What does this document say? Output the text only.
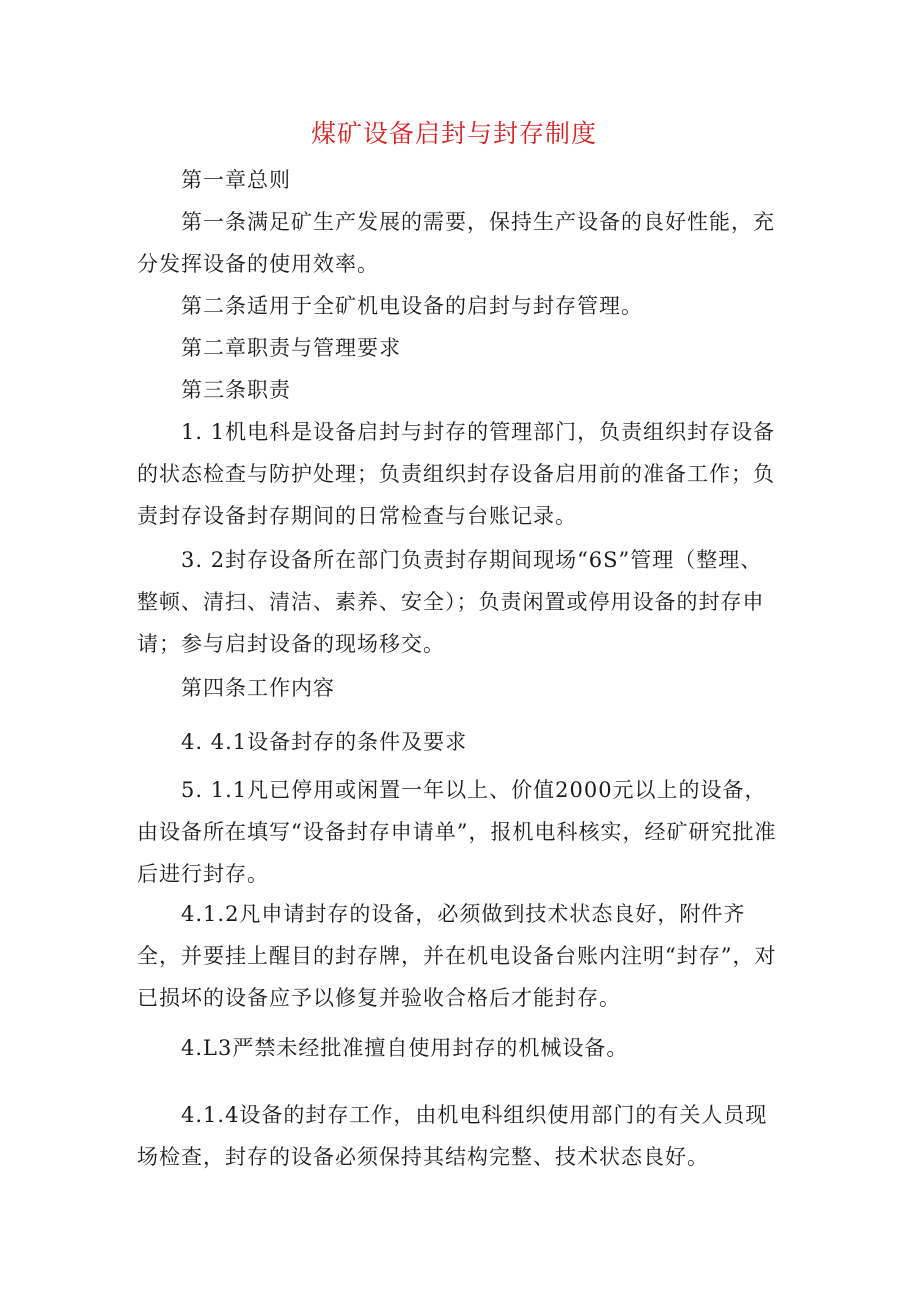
煤矿设备启封与封存制度

第一章总则

第一条满足矿生产发展的需要，保持生产设备的良好性能，充分发挥设备的使用效率。

第二条适用于全矿机电设备的启封与封存管理。

第二章职责与管理要求

第三条职责

1. 1机电科是设备启封与封存的管理部门，负责组织封存设备的状态检查与防护处理；负责组织封存设备启用前的准备工作；负责封存设备封存期间的日常检查与台账记录。

3. 2封存设备所在部门负责封存期间现场“6S”管理（整理、整顿、清扫、清洁、素养、安全）；负责闲置或停用设备的封存申请；参与启封设备的现场移交。

第四条工作内容

4. 4.1设备封存的条件及要求

5. 1.1凡已停用或闲置一年以上、价值2000元以上的设备，由设备所在填写“设备封存申请单”，报机电科核实，经矿研究批准后进行封存。

4.1.2凡申请封存的设备，必须做到技术状态良好，附件齐全，并要挂上醒目的封存牌，并在机电设备台账内注明“封存”，对已损坏的设备应予以修复并验收合格后才能封存。

4.L3严禁未经批准擅自使用封存的机械设备。

4.1.4设备的封存工作，由机电科组织使用部门的有关人员现场检查，封存的设备必须保持其结构完整、技术状态良好。
